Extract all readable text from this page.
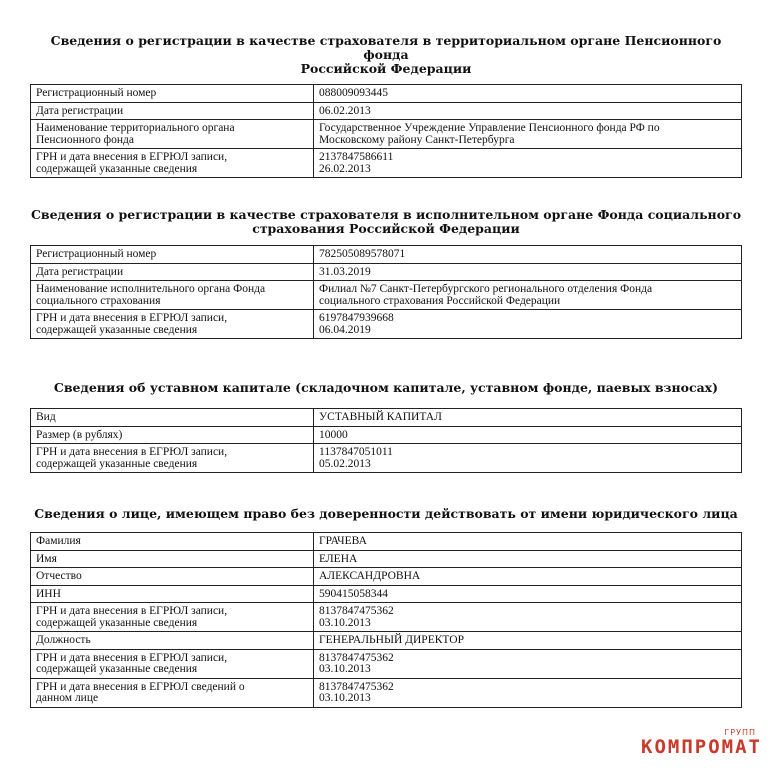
Сведения о регистрации в качестве страхователя в территориальном органе Пенсионного фонда
Российской Федерации
Регистрационный номер	088009093445

Дата регистрации	06.02.2013

Наименование территориального органа
Пенсионного фонда	Государственное Учреждение Управление Пенсионного фонда РФ по
Московскому району Санкт-Петербурга

ГРН и дата внесения в ЕГРЮЛ записи,
содержащей указанные сведения	2137847586611
26.02.2013
Сведения о регистрации в качестве страхователя в исполнительном органе Фонда социального
страхования Российской Федерации
Регистрационный номер	782505089578071

Дата регистрации	31.03.2019

Наименование исполнительного органа Фонда
социального страхования	Филиал №7 Санкт-Петербургского регионального отделения Фонда
социального страхования Российской Федерации

ГРН и дата внесения в ЕГРЮЛ записи,
содержащей указанные сведения	6197847939668
06.04.2019
Сведения об уставном капитале (складочном капитале, уставном фонде, паевых взносах)
Вид	УСТАВНЫЙ КАПИТАЛ

Размер (в рублях)	10000

ГРН и дата внесения в ЕГРЮЛ записи,
содержащей указанные сведения	1137847051011
05.02.2013
Сведения о лице, имеющем право без доверенности действовать от имени юридического лица
Фамилия	ГРАЧЕВА

Имя	ЕЛЕНА

Отчество	АЛЕКСАНДРОВНА

ИНН	590415058344

ГРН и дата внесения в ЕГРЮЛ записи,
содержащей указанные сведения	8137847475362
03.10.2013

Должность	ГЕНЕРАЛЬНЫЙ ДИРЕКТОР

ГРН и дата внесения в ЕГРЮЛ записи,
содержащей указанные сведения	8137847475362
03.10.2013

ГРН и дата внесения в ЕГРЮЛ сведений о
данном лице	8137847475362
03.10.2013
ГРУПП
КОМПРОМАТ
